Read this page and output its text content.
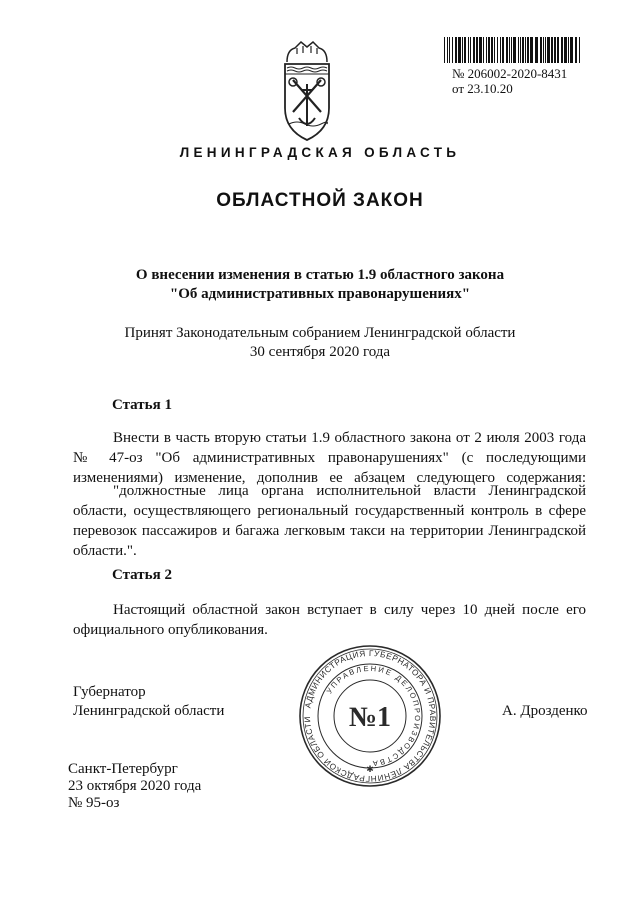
№ 206002-2020-8431
от 23.10.20
ЛЕНИНГРАДСКАЯ ОБЛАСТЬ
ОБЛАСТНОЙ ЗАКОН
О внесении изменения в статью 1.9 областного закона
"Об административных правонарушениях"
Принят Законодательным собранием Ленинградской области
30 сентября 2020 года
Статья 1
Внести в часть вторую статьи 1.9 областного закона от 2 июля 2003 года
№ 47-оз "Об административных правонарушениях" (с последующими
изменениями) изменение, дополнив ее абзацем следующего содержания:
"должностные лица органа исполнительной власти Ленинградской
области, осуществляющего региональный государственный контроль в сфере
перевозок пассажиров и багажа легковым такси на территории Ленинградской
области.".
Статья 2
Настоящий областной закон вступает в силу через 10 дней после его
официального опубликования.
Губернатор
Ленинградской области	А. Дрозденко
АДМИНИСТРАЦИЯ ГУБЕРНАТОРА И ПРАВИТЕЛЬСТВА ЛЕНИНГРАДСКОЙ ОБЛАСТИ
УПРАВЛЕНИЕ ДЕЛОПРОИЗВОДСТВА
№1
✱
Санкт-Петербург
23 октября 2020 года
№ 95-оз
